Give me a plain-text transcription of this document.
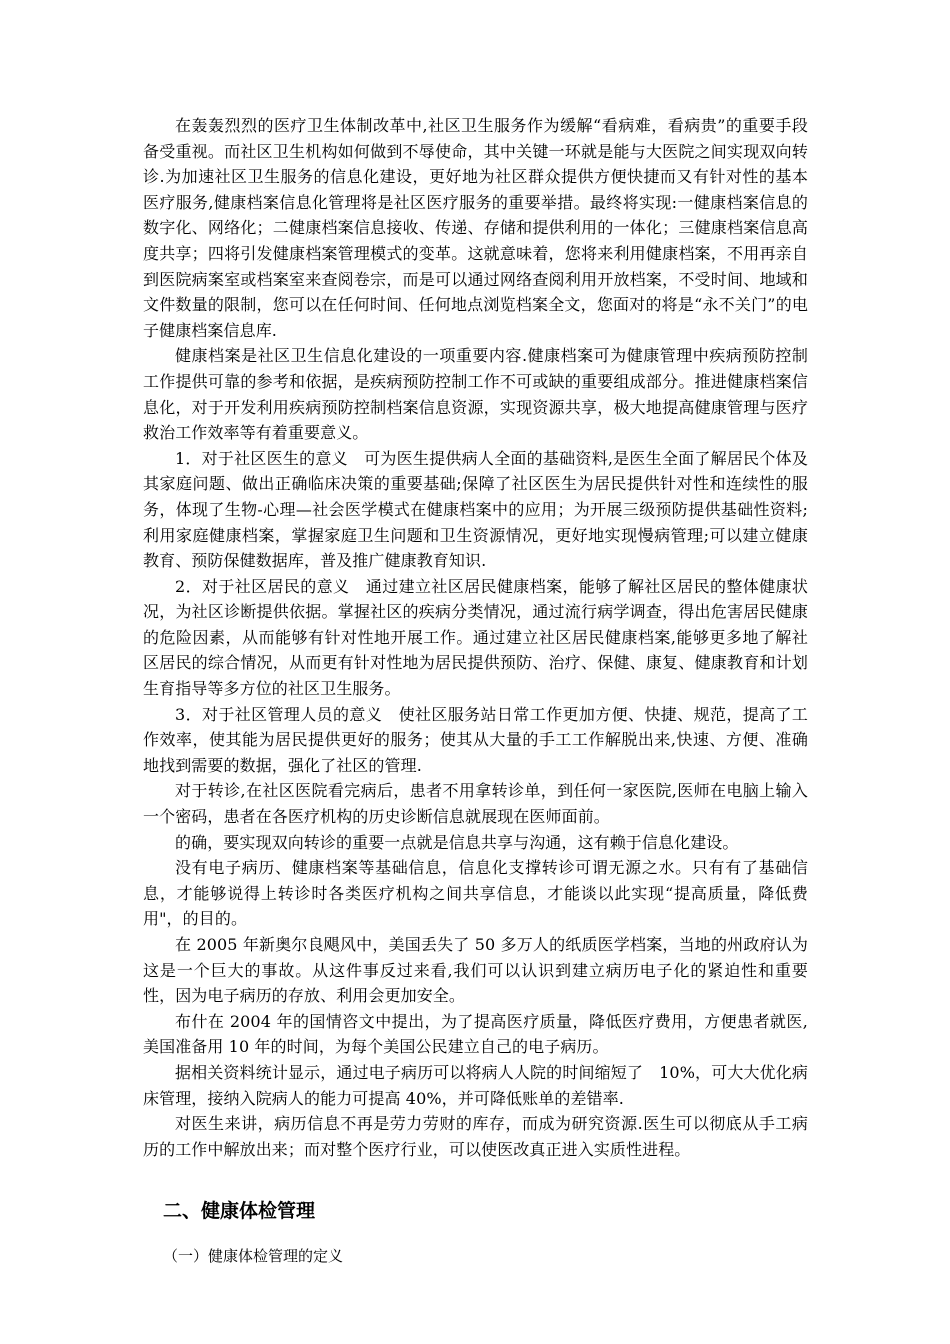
在轰轰烈烈的医疗卫生体制改革中,社区卫生服务作为缓解“看病难，看病贵”的重要手段备受重视。而社区卫生机构如何做到不辱使命，其中关键一环就是能与大医院之间实现双向转诊.为加速社区卫生服务的信息化建设，更好地为社区群众提供方便快捷而又有针对性的基本医疗服务,健康档案信息化管理将是社区医疗服务的重要举措。最终将实现:一健康档案信息的数字化、网络化；二健康档案信息接收、传递、存储和提供利用的一体化；三健康档案信息高度共享；四将引发健康档案管理模式的变革。这就意味着，您将来利用健康档案，不用再亲自到医院病案室或档案室来查阅卷宗，而是可以通过网络查阅利用开放档案，不受时间、地域和文件数量的限制，您可以在任何时间、任何地点浏览档案全文，您面对的将是“永不关门”的电子健康档案信息库.

健康档案是社区卫生信息化建设的一项重要内容.健康档案可为健康管理中疾病预防控制工作提供可靠的参考和依据，是疾病预防控制工作不可或缺的重要组成部分。推进健康档案信息化，对于开发利用疾病预防控制档案信息资源，实现资源共享，极大地提高健康管理与医疗救治工作效率等有着重要意义。

1．对于社区医生的意义　可为医生提供病人全面的基础资料,是医生全面了解居民个体及其家庭问题、做出正确临床决策的重要基础;保障了社区医生为居民提供针对性和连续性的服务，体现了生物-心理—社会医学模式在健康档案中的应用；为开展三级预防提供基础性资料;利用家庭健康档案，掌握家庭卫生问题和卫生资源情况，更好地实现慢病管理;可以建立健康教育、预防保健数据库，普及推广健康教育知识.

2．对于社区居民的意义　通过建立社区居民健康档案，能够了解社区居民的整体健康状况，为社区诊断提供依据。掌握社区的疾病分类情况，通过流行病学调查，得出危害居民健康的危险因素，从而能够有针对性地开展工作。通过建立社区居民健康档案,能够更多地了解社区居民的综合情况，从而更有针对性地为居民提供预防、治疗、保健、康复、健康教育和计划生育指导等多方位的社区卫生服务。

3．对于社区管理人员的意义　使社区服务站日常工作更加方便、快捷、规范，提高了工作效率，使其能为居民提供更好的服务；使其从大量的手工工作解脱出来,快速、方便、准确地找到需要的数据，强化了社区的管理.

对于转诊,在社区医院看完病后，患者不用拿转诊单，到任何一家医院,医师在电脑上输入一个密码，患者在各医疗机构的历史诊断信息就展现在医师面前。

的确，要实现双向转诊的重要一点就是信息共享与沟通，这有赖于信息化建设。

没有电子病历、健康档案等基础信息，信息化支撑转诊可谓无源之水。只有有了基础信息，才能够说得上转诊时各类医疗机构之间共享信息，才能谈以此实现“提高质量，降低费用"，的目的。

在 2005 年新奥尔良飓风中，美国丢失了 50 多万人的纸质医学档案，当地的州政府认为这是一个巨大的事故。从这件事反过来看,我们可以认识到建立病历电子化的紧迫性和重要性，因为电子病历的存放、利用会更加安全。

布什在 2004 年的国情咨文中提出，为了提高医疗质量，降低医疗费用，方便患者就医,美国准备用 10 年的时间，为每个美国公民建立自己的电子病历。

据相关资料统计显示，通过电子病历可以将病人人院的时间缩短了　10%，可大大优化病床管理，接纳入院病人的能力可提高 40%，并可降低账单的差错率.

对医生来讲，病历信息不再是劳力劳财的库存，而成为研究资源.医生可以彻底从手工病历的工作中解放出来；而对整个医疗行业，可以使医改真正进入实质性进程。

二、健康体检管理
（一）健康体检管理的定义
